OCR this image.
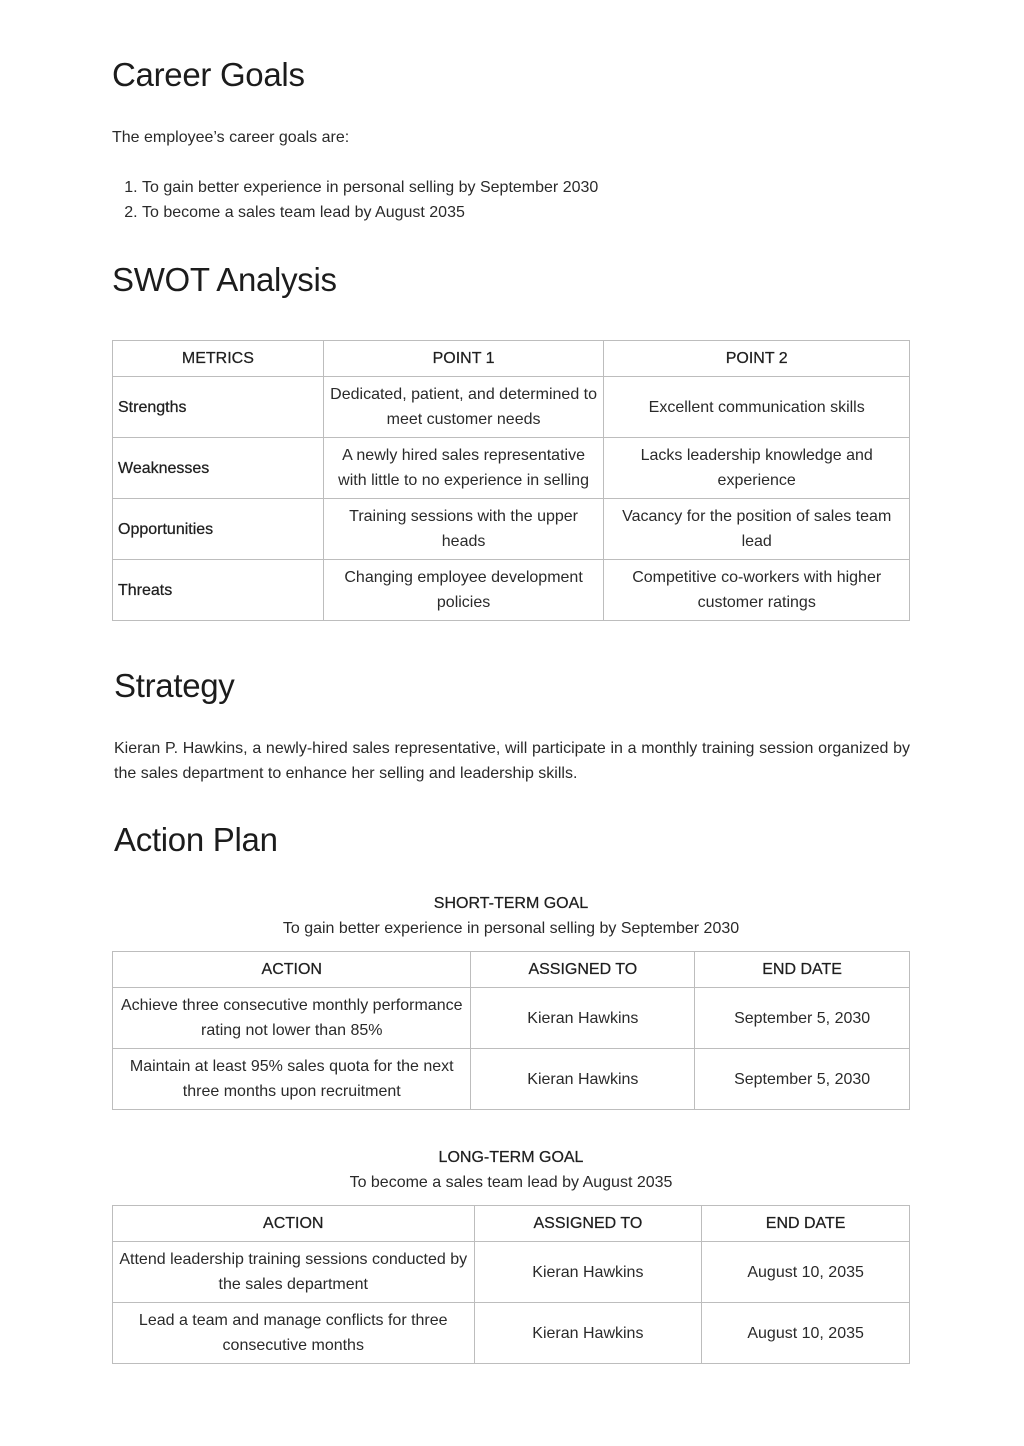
Career Goals

The employee’s career goals are:

1. To gain better experience in personal selling by September 2030
2. To become a sales team lead by August 2035
SWOT Analysis
METRICS	POINT 1	POINT 2
Strengths	Dedicated, patient, and determined to meet customer needs	Excellent communication skills
Weaknesses	A newly hired sales representative with little to no experience in selling	Lacks leadership knowledge and experience
Opportunities	Training sessions with the upper heads	Vacancy for the position of sales team lead
Threats	Changing employee development policies	Competitive co-workers with higher customer ratings
Strategy

Kieran P. Hawkins, a newly-hired sales representative, will participate in a monthly training session organized by the sales department to enhance her selling and leadership skills.

Action Plan
SHORT-TERM GOAL
To gain better experience in personal selling by September 2030
ACTION	ASSIGNED TO	END DATE
Achieve three consecutive monthly performance rating not lower than 85%	Kieran Hawkins	September 5, 2030
Maintain at least 95% sales quota for the next three months upon recruitment	Kieran Hawkins	September 5, 2030
LONG-TERM GOAL
To become a sales team lead by August 2035
ACTION	ASSIGNED TO	END DATE
Attend leadership training sessions conducted by the sales department	Kieran Hawkins	August 10, 2035
Lead a team and manage conflicts for three consecutive months	Kieran Hawkins	August 10, 2035
